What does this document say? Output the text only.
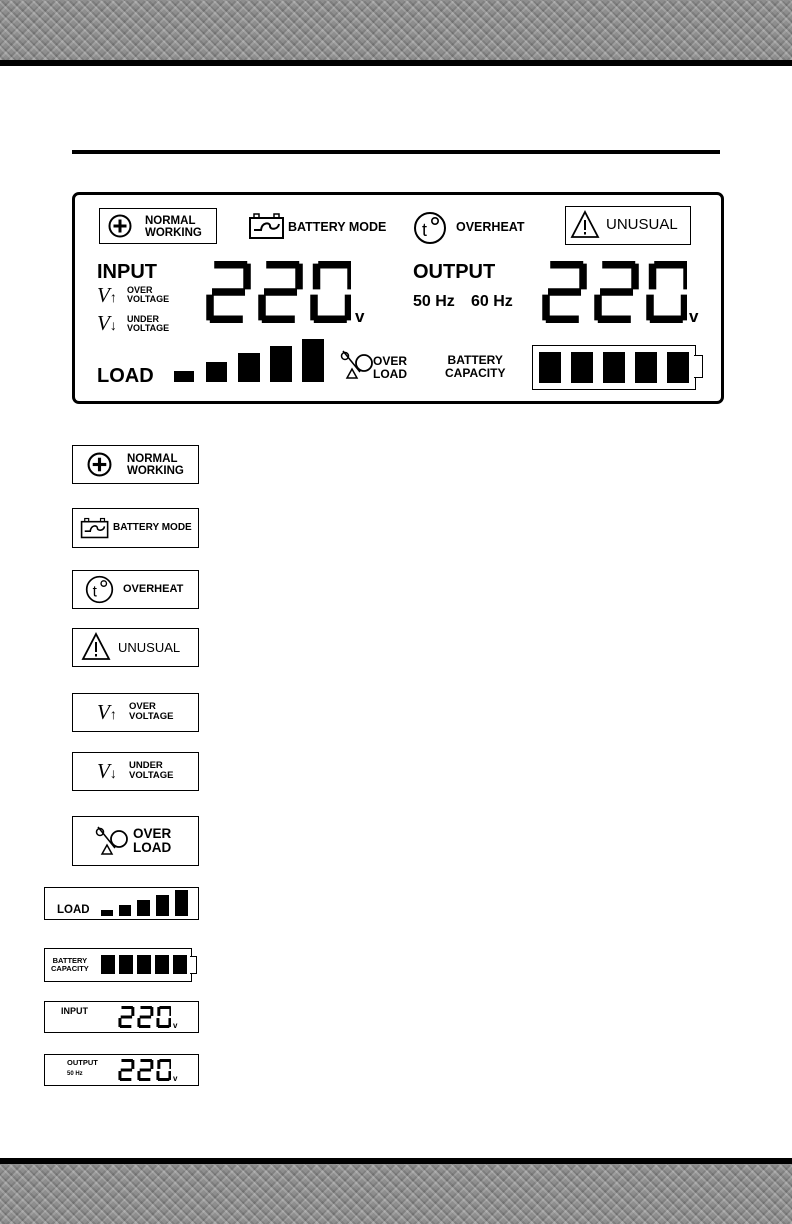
NORMAL
WORKING	BATTERY MODE t OVERHEAT	UNUSUAL
INPUT
V↑
OVER
VOLTAGE
V↓ UNDER
VOLTAGE
v
OUTPUT
50 Hz 60 Hz
v
LOAD
OVER
LOAD
BATTERY
CAPACITY
NORMAL
WORKING
BATTERY MODE
t OVERHEAT
UNUSUAL
V↑
OVER
VOLTAGE
V↓
UNDER
VOLTAGE
OVER
LOAD
LOAD
BATTERY
CAPACITY
INPUT
v
OUTPUT
50 Hz	v
